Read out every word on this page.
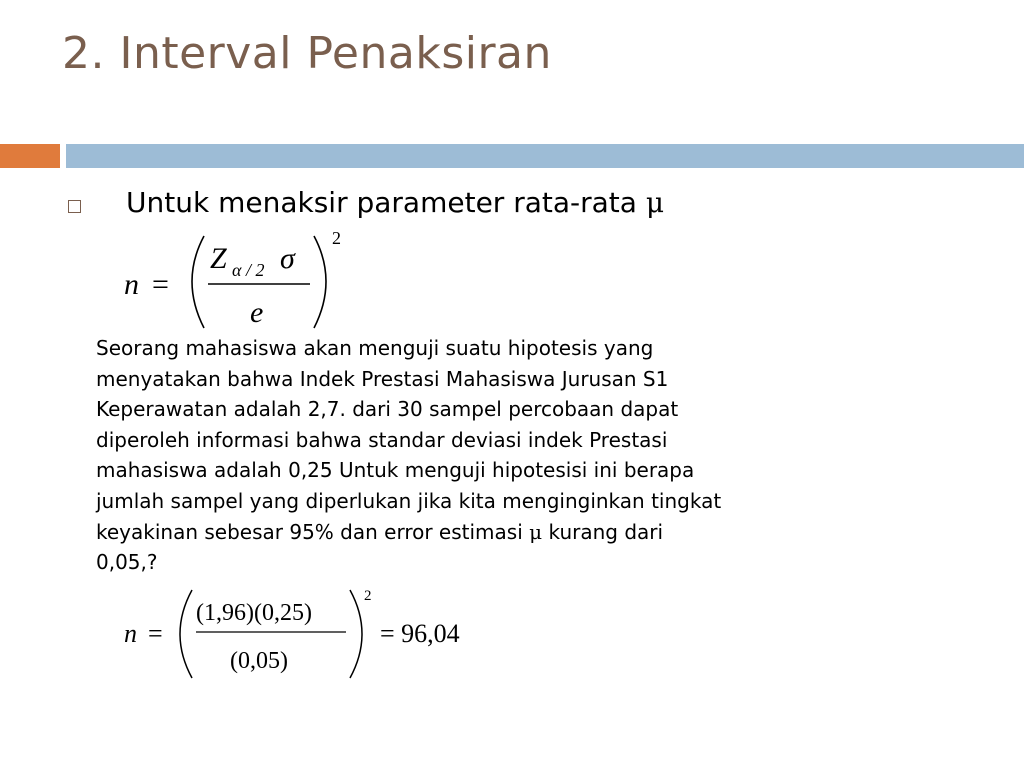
2. Interval Penaksiran
Untuk menaksir parameter rata-rata μ
n =
Z α / 2 σ
e
2
Seorang mahasiswa akan menguji suatu hipotesis yang
menyatakan bahwa Indek Prestasi Mahasiswa Jurusan S1
Keperawatan adalah 2,7. dari 30 sampel percobaan dapat
diperoleh informasi bahwa standar deviasi indek Prestasi
mahasiswa adalah 0,25 Untuk menguji hipotesisi ini berapa
jumlah sampel yang diperlukan jika kita menginginkan tingkat
keyakinan sebesar 95% dan error estimasi μ kurang dari
0,05,?
n =
(1,96)(0,25)
(0,05)
2
= 96,04
